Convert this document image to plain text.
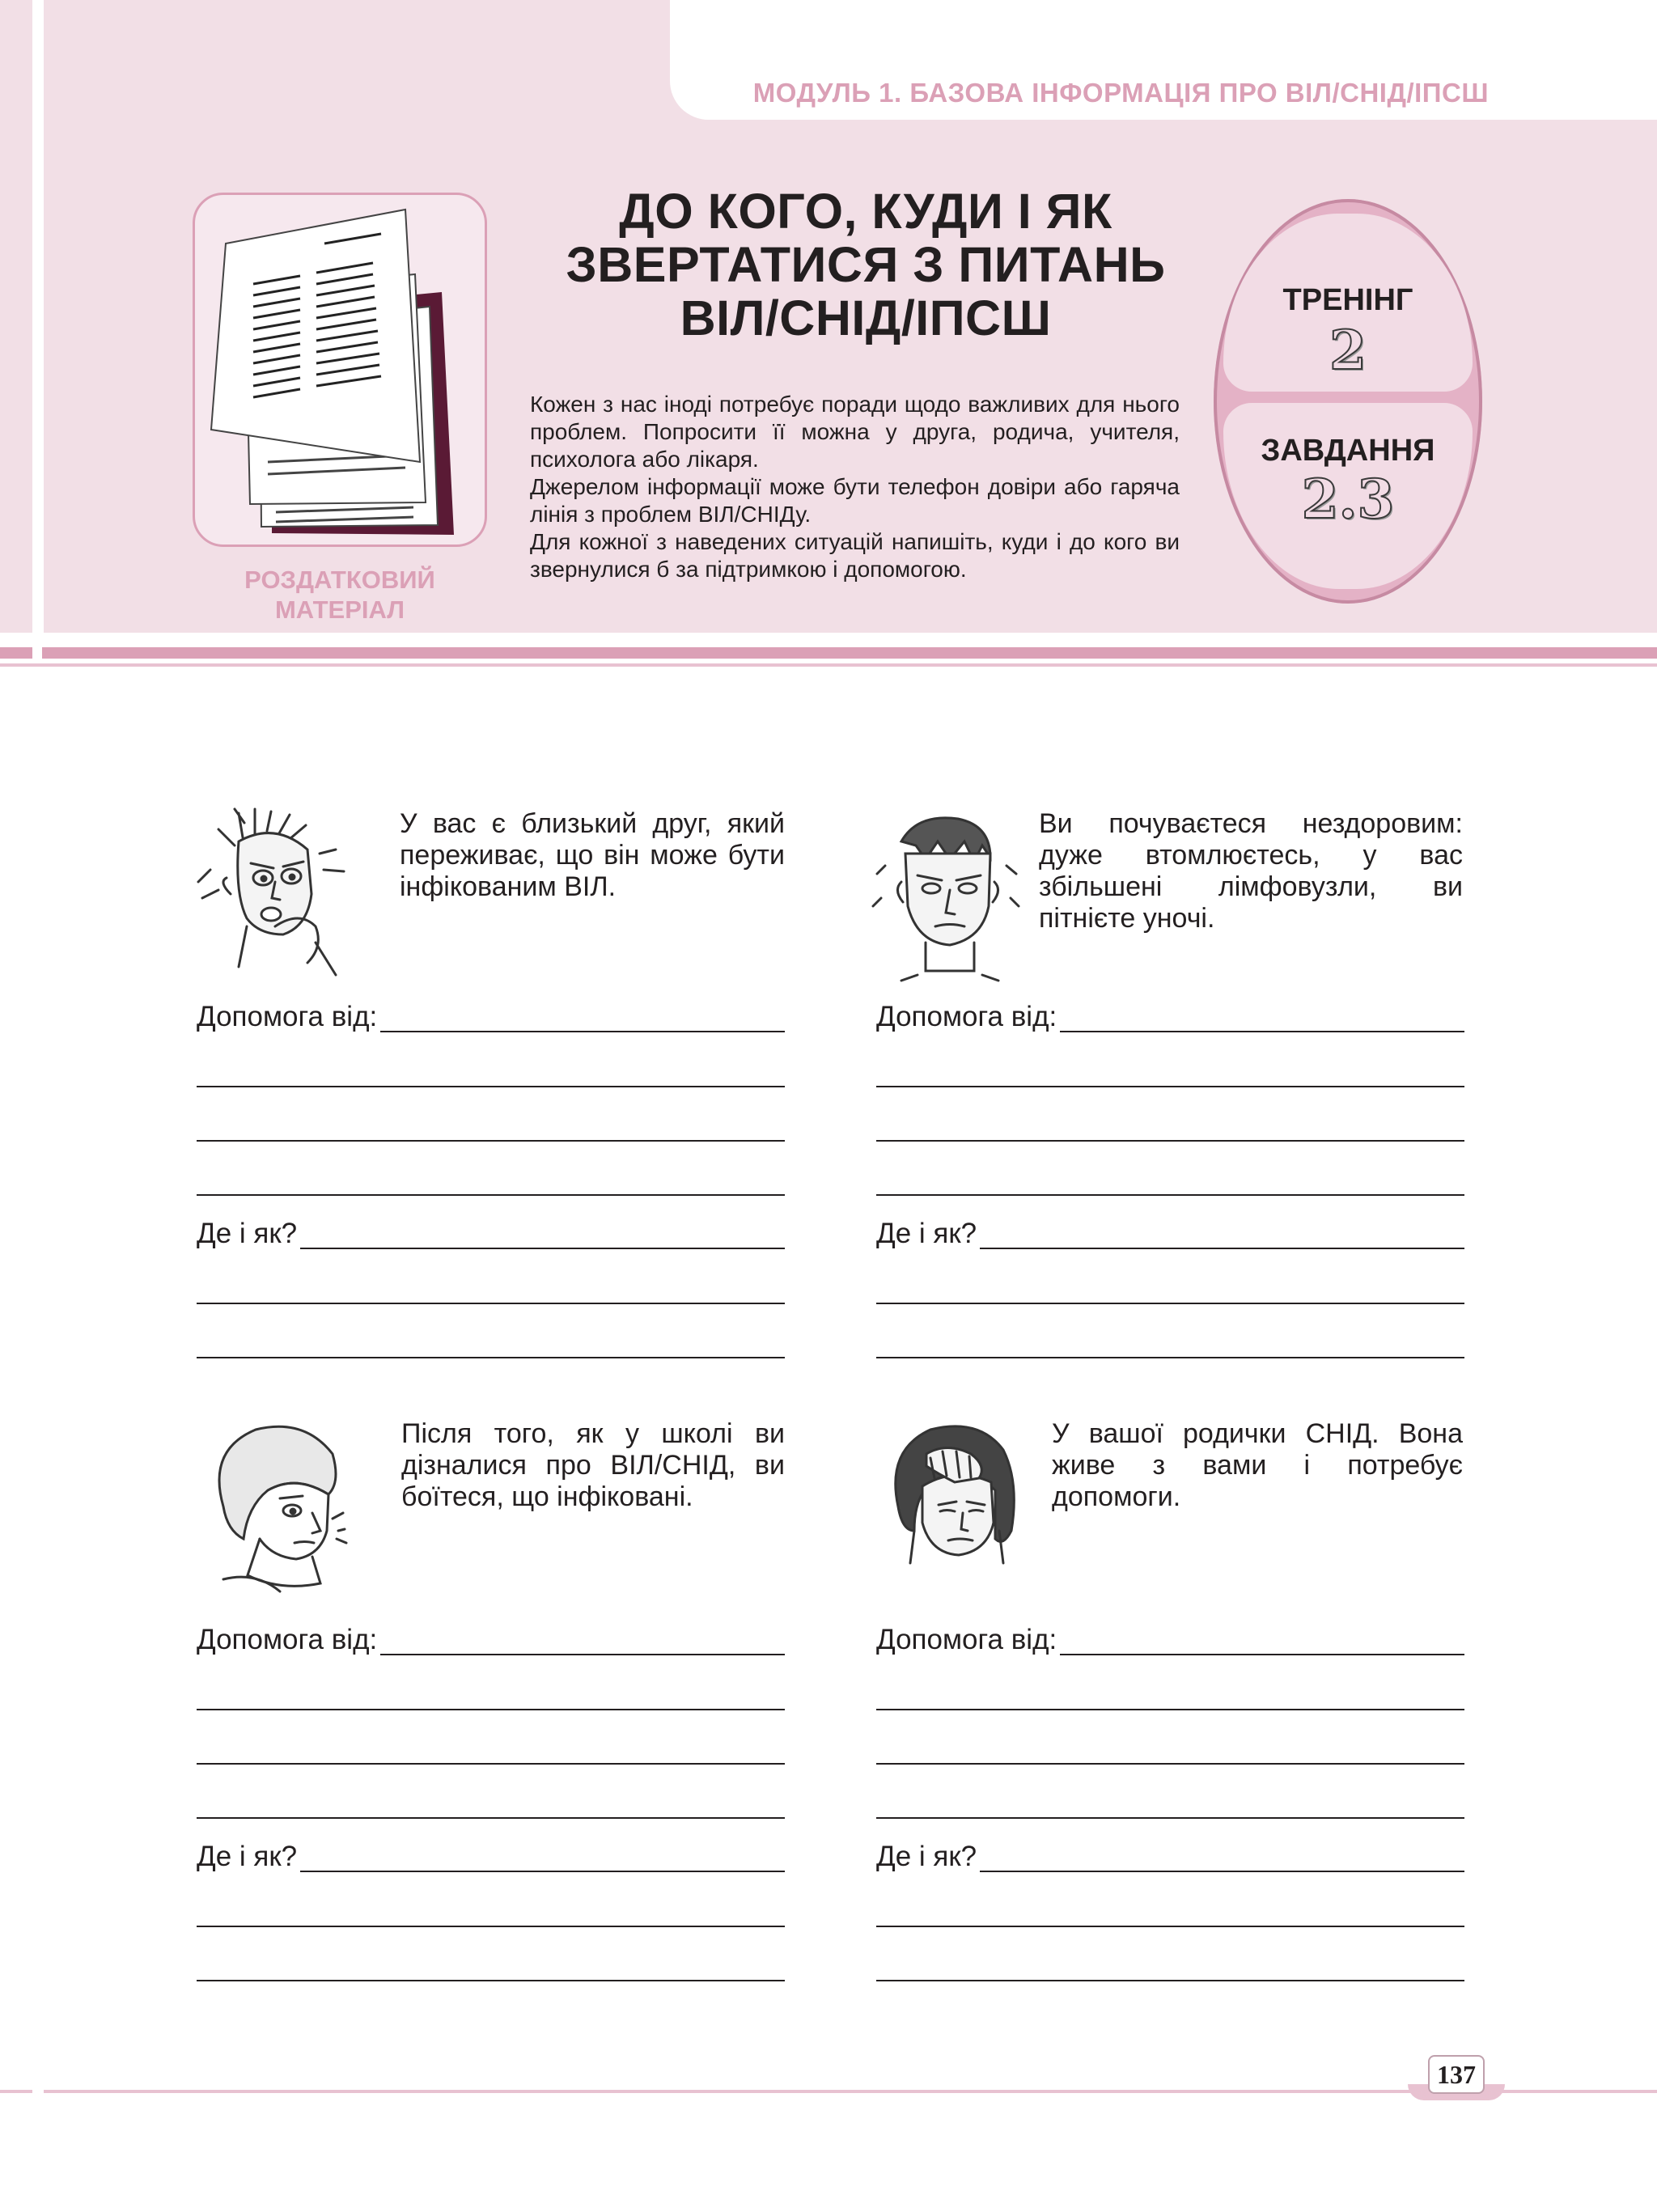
МОДУЛЬ 1. БАЗОВА ІНФОРМАЦІЯ ПРО ВІЛ/СНІД/ІПСШ
РОЗДАТКОВИЙ
МАТЕРІАЛ
ДО КОГО, КУДИ І ЯК
ЗВЕРТАТИСЯ З ПИТАНЬ
ВІЛ/СНІД/ІПСШ

Кожен з нас іноді потребує поради щодо важливих для нього проблем. Попросити її можна у друга, родича, учителя, психолога або лікаря.

Джерелом інформації може бути телефон довіри або гаряча лінія з проблем ВІЛ/СНІДу.

Для кожної з наведених ситуацій напишіть, куди і до кого ви звернулися б за підтримкою і допомогою.

ТРЕНІНГ
2
ЗАВДАННЯ
2.3
У вас є близький друг, який переживає, що він може бути інфікованим ВІЛ.
Допомога від:
Де і як?
Ви почуваєтеся нездоровим: дуже втомлюєтесь, у вас збільшені лімфовузли, ви пітнієте уночі.
Допомога від:
Де і як?
Після того, як у школі ви дізналися про ВІЛ/СНІД, ви боїтеся, що інфіковані.
Допомога від:
Де і як?
У вашої родички СНІД. Вона живе з вами і потребує допомоги.
Допомога від:
Де і як?
137
